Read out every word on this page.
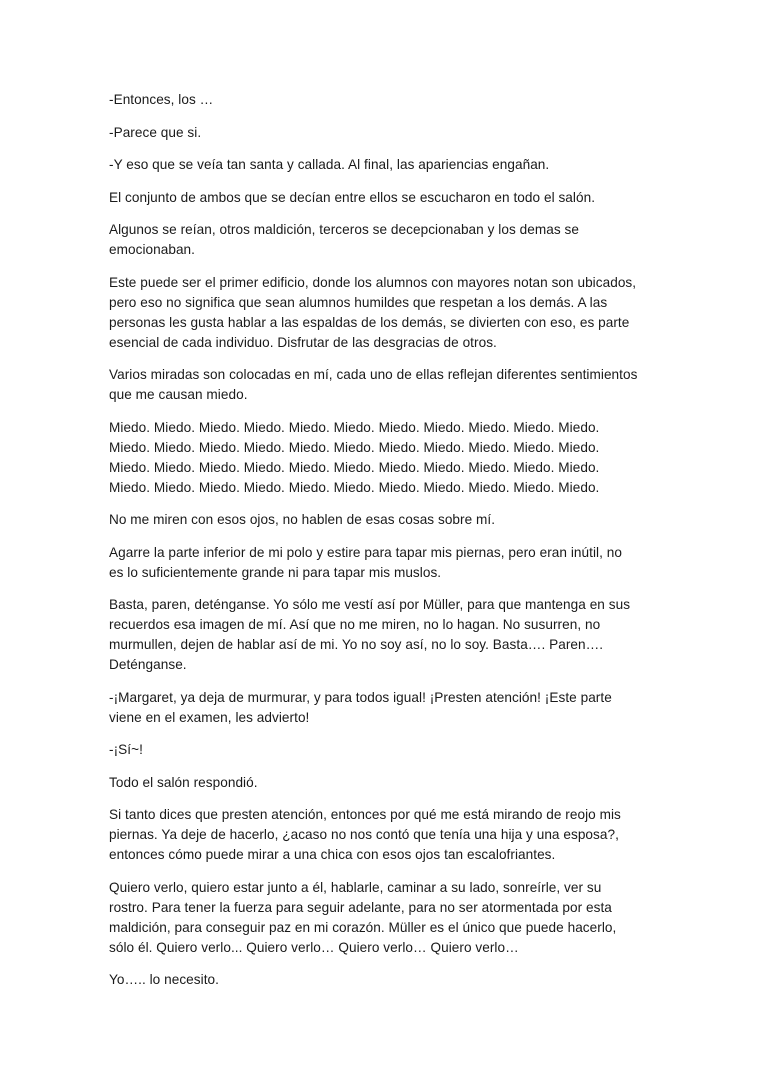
-Entonces, los …

-Parece que si.

-Y eso que se veía tan santa y callada. Al final, las apariencias engañan.

El conjunto de ambos que se decían entre ellos se escucharon en todo el salón.

Algunos se reían, otros maldición, terceros se decepcionaban y los demas se
emocionaban.

Este puede ser el primer edificio, donde los alumnos con mayores notan son ubicados,
pero eso no significa que sean alumnos humildes que respetan a los demás. A las
personas les gusta hablar a las espaldas de los demás, se divierten con eso, es parte
esencial de cada individuo. Disfrutar de las desgracias de otros.

Varios miradas son colocadas en mí, cada uno de ellas reflejan diferentes sentimientos
que me causan miedo.

Miedo. Miedo. Miedo. Miedo. Miedo. Miedo. Miedo. Miedo. Miedo. Miedo. Miedo.
Miedo. Miedo. Miedo. Miedo. Miedo. Miedo. Miedo. Miedo. Miedo. Miedo. Miedo.
Miedo. Miedo. Miedo. Miedo. Miedo. Miedo. Miedo. Miedo. Miedo. Miedo. Miedo.
Miedo. Miedo. Miedo. Miedo. Miedo. Miedo. Miedo. Miedo. Miedo. Miedo. Miedo.

No me miren con esos ojos, no hablen de esas cosas sobre mí.

Agarre la parte inferior de mi polo y estire para tapar mis piernas, pero eran inútil, no
es lo suficientemente grande ni para tapar mis muslos.

Basta, paren, deténganse. Yo sólo me vestí así por Müller, para que mantenga en sus
recuerdos esa imagen de mí. Así que no me miren, no lo hagan. No susurren, no
murmullen, dejen de hablar así de mi. Yo no soy así, no lo soy. Basta…. Paren….
Deténganse.

-¡Margaret, ya deja de murmurar, y para todos igual! ¡Presten atención! ¡Este parte
viene en el examen, les advierto!

-¡Sí~!

Todo el salón respondió.

Si tanto dices que presten atención, entonces por qué me está mirando de reojo mis
piernas. Ya deje de hacerlo, ¿acaso no nos contó que tenía una hija y una esposa?,
entonces cómo puede mirar a una chica con esos ojos tan escalofriantes.

Quiero verlo, quiero estar junto a él, hablarle, caminar a su lado, sonreírle, ver su
rostro. Para tener la fuerza para seguir adelante, para no ser atormentada por esta
maldición, para conseguir paz en mi corazón. Müller es el único que puede hacerlo,
sólo él. Quiero verlo... Quiero verlo… Quiero verlo… Quiero verlo…

Yo….. lo necesito.
